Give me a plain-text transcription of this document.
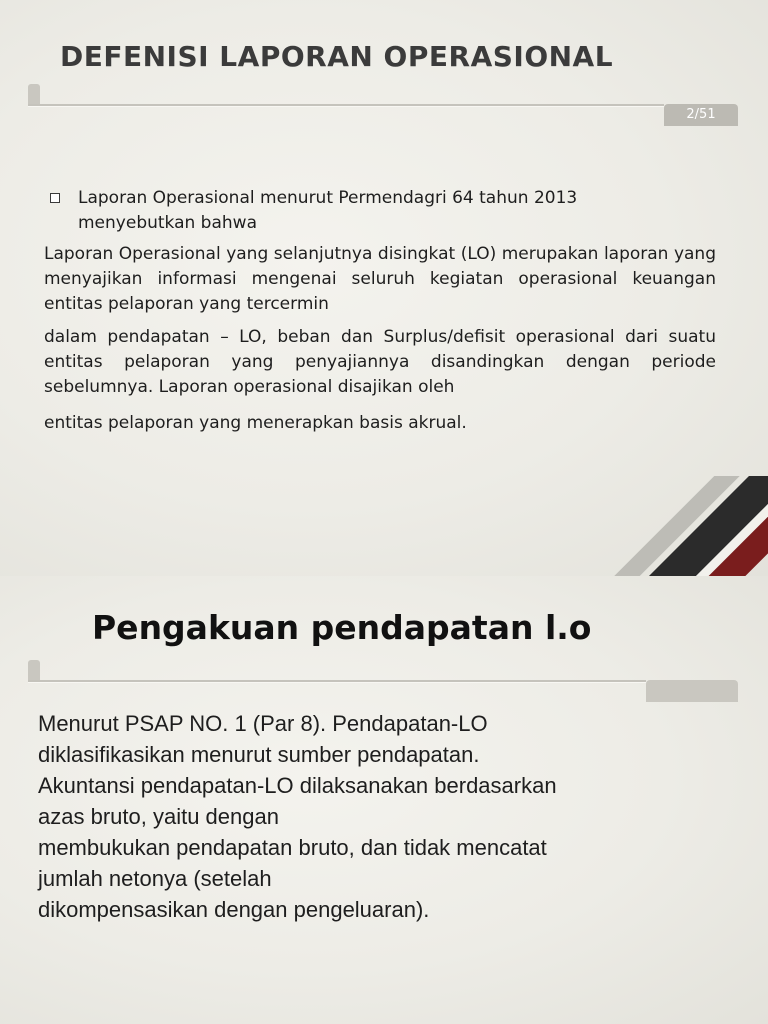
DEFENISI LAPORAN OPERASIONAL
2/51
Laporan Operasional menurut Permendagri 64 tahun 2013 menyebutkan bahwa

Laporan Operasional yang selanjutnya disingkat (LO) merupakan laporan yang menyajikan informasi mengenai seluruh kegiatan operasional keuangan entitas pelaporan yang tercermin

dalam pendapatan – LO, beban dan Surplus/defisit operasional dari suatu entitas pelaporan yang penyajiannya disandingkan dengan periode sebelumnya. Laporan operasional disajikan oleh

entitas pelaporan yang menerapkan basis akrual.

Pengakuan pendapatan l.o
Menurut PSAP NO. 1 (Par 8). Pendapatan-LO
diklasifikasikan menurut sumber pendapatan.
Akuntansi pendapatan-LO dilaksanakan berdasarkan
azas bruto, yaitu dengan
membukukan pendapatan bruto, dan tidak mencatat
jumlah netonya (setelah
dikompensasikan dengan pengeluaran).
